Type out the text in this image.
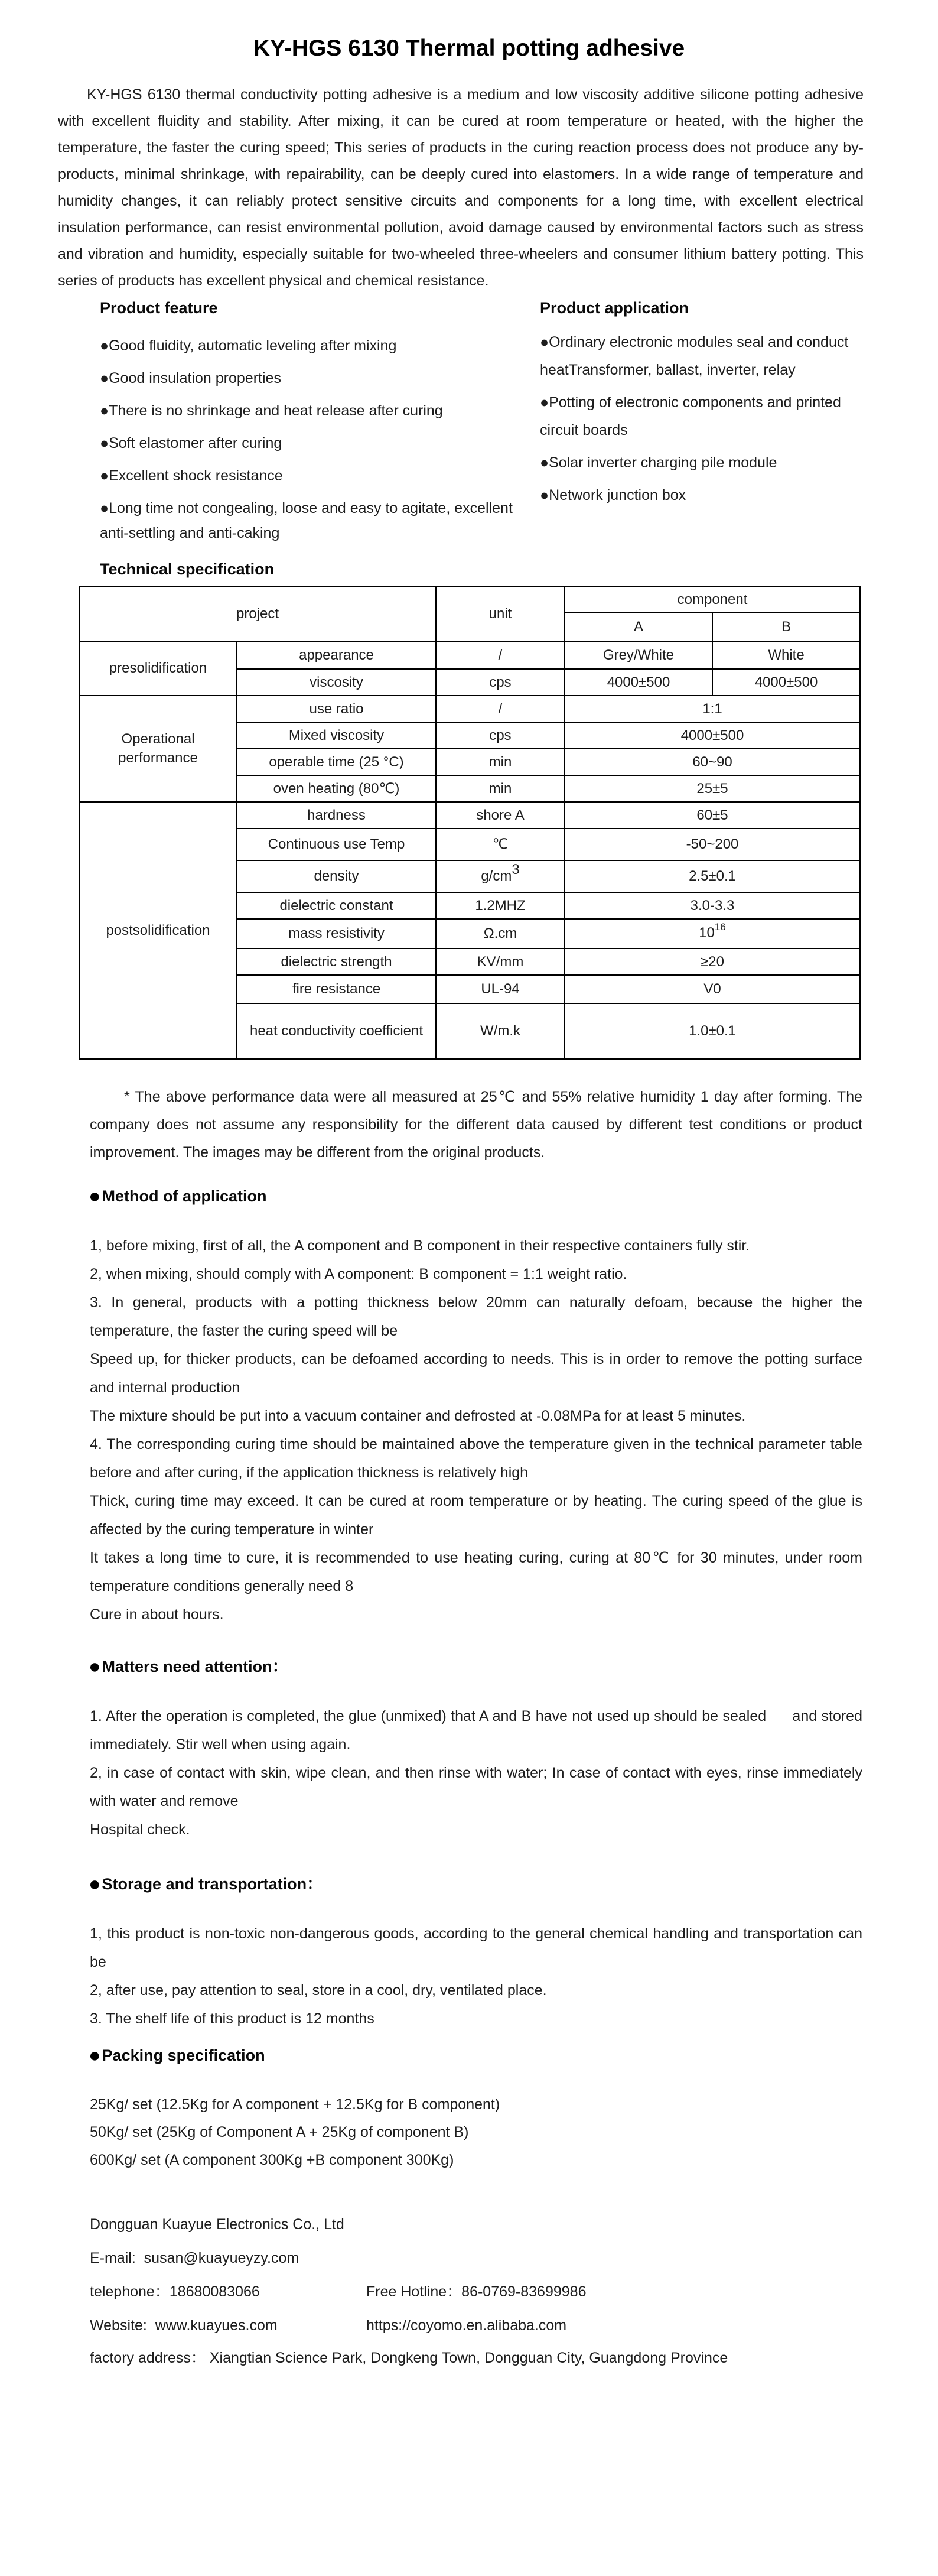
KY-HGS 6130 Thermal potting adhesive

KY-HGS 6130 thermal conductivity potting adhesive is a medium and low viscosity additive silicone potting adhesive with excellent fluidity and stability. After mixing, it can be cured at room temperature or heated, with the higher the temperature, the faster the curing speed; This series of products in the curing reaction process does not produce any by-products, minimal shrinkage, with repairability, can be deeply cured into elastomers. In a wide range of temperature and humidity changes, it can reliably protect sensitive circuits and components for a long time, with excellent electrical insulation performance, can resist environmental pollution, avoid damage caused by environmental factors such as stress and vibration and humidity, especially suitable for two-wheeled three-wheelers and consumer lithium battery potting. This series of products has excellent physical and chemical resistance.

Product feature
●Good fluidity, automatic leveling after mixing
●Good insulation properties
●There is no shrinkage and heat release after curing
●Soft elastomer after curing
●Excellent shock resistance
●Long time not congealing, loose and easy to agitate, excellent anti-settling and anti-caking
Product application
●Ordinary electronic modules seal and conduct heatTransformer, ballast, inverter, relay
●Potting of electronic components and printed circuit boards
●Solar inverter charging pile module
●Network junction box
Technical specification
project		unit	component	
			A	B
presolidification	appearance	/	Grey/White	White
	viscosity	cps	4000±500	4000±500
Operational performance	use ratio	/	1:1	
	Mixed viscosity	cps	4000±500	
	operable time (25 °C)	min	60~90	
	oven heating (80℃)	min	25±5	
postsolidification	hardness	shore A	60±5	
	Continuous use Temp	℃	-50~200	
	density	g/cm3	2.5±0.1	
	dielectric constant	1.2MHZ	3.0-3.3	
	mass resistivity	Ω.cm	$10^{16}$
	dielectric strength	KV/mm	≥20	
	fire resistance	UL-94	V0	
	heat conductivity coefficient	W/m.k	1.0±0.1	

* The above performance data were all measured at 25℃ and 55% relative humidity 1 day after forming. The company does not assume any responsibility for the different data caused by different test conditions or product improvement. The images may be different from the original products.

● Method of application

1, before mixing, first of all, the A component and B component in their respective containers fully stir.

2, when mixing, should comply with A component: B component = 1:1 weight ratio.

3. In general, products with a potting thickness below 20mm can naturally defoam, because the higher the temperature, the faster the curing speed will be

Speed up, for thicker products, can be defoamed according to needs. This is in order to remove the potting surface and internal production

The mixture should be put into a vacuum container and defrosted at -0.08MPa for at least 5 minutes.

4. The corresponding curing time should be maintained above the temperature given in the technical parameter table before and after curing, if the application thickness is relatively high

Thick, curing time may exceed. It can be cured at room temperature or by heating. The curing speed of the glue is affected by the curing temperature in winter

It takes a long time to cure, it is recommended to use heating curing, curing at 80℃ for 30 minutes, under room temperature conditions generally need 8

Cure in about hours.

● Matters need attention：

1. After the operation is completed, the glue (unmixed) that A and B have not used up should be sealed      and stored immediately. Stir well when using again.

2, in case of contact with skin, wipe clean, and then rinse with water; In case of contact with eyes, rinse immediately with water and remove

Hospital check.

● Storage and transportation：

1, this product is non-toxic non-dangerous goods, according to the general chemical handling and transportation can be

2, after use, pay attention to seal, store in a cool, dry, ventilated place.

3. The shelf life of this product is 12 months

● Packing specification

25Kg/ set (12.5Kg for A component + 12.5Kg for B component)

50Kg/ set (25Kg of Component A + 25Kg of component B)

600Kg/ set (A component 300Kg +B component 300Kg)

Dongguan Kuayue Electronics Co., Ltd

E-mail:  susan@kuayueyzy.com

telephone：18680083066	Free Hotline：86-0769-83699986
Website:  www.kuayues.com	https://coyomo.en.alibaba.com

factory address： Xiangtian Science Park, Dongkeng Town, Dongguan City, Guangdong Province
